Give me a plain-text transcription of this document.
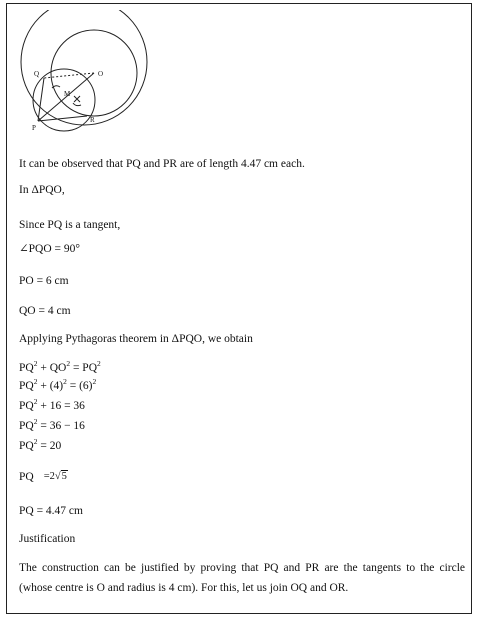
Q	O
M
P
R
It can be observed that PQ and PR are of length 4.47 cm each.
In ΔPQO,
Since PQ is a tangent,
∠PQO = 90°
PO = 6 cm
QO = 4 cm
Applying Pythagoras theorem in ΔPQO, we obtain
$PQ^2 + QO^2 = PQ^2$
$PQ^2 + (4)^2 = (6)^2$
$PQ^2 + 16 = 36$
$PQ^2 = 36 - 16$
$PQ^2 = 20$
PQ =2√5
PQ = 4.47 cm
Justification
The construction can be justified by proving that PQ and PR are the tangents to the circle (whose centre is O and radius is 4 cm). For this, let us join OQ and OR.
